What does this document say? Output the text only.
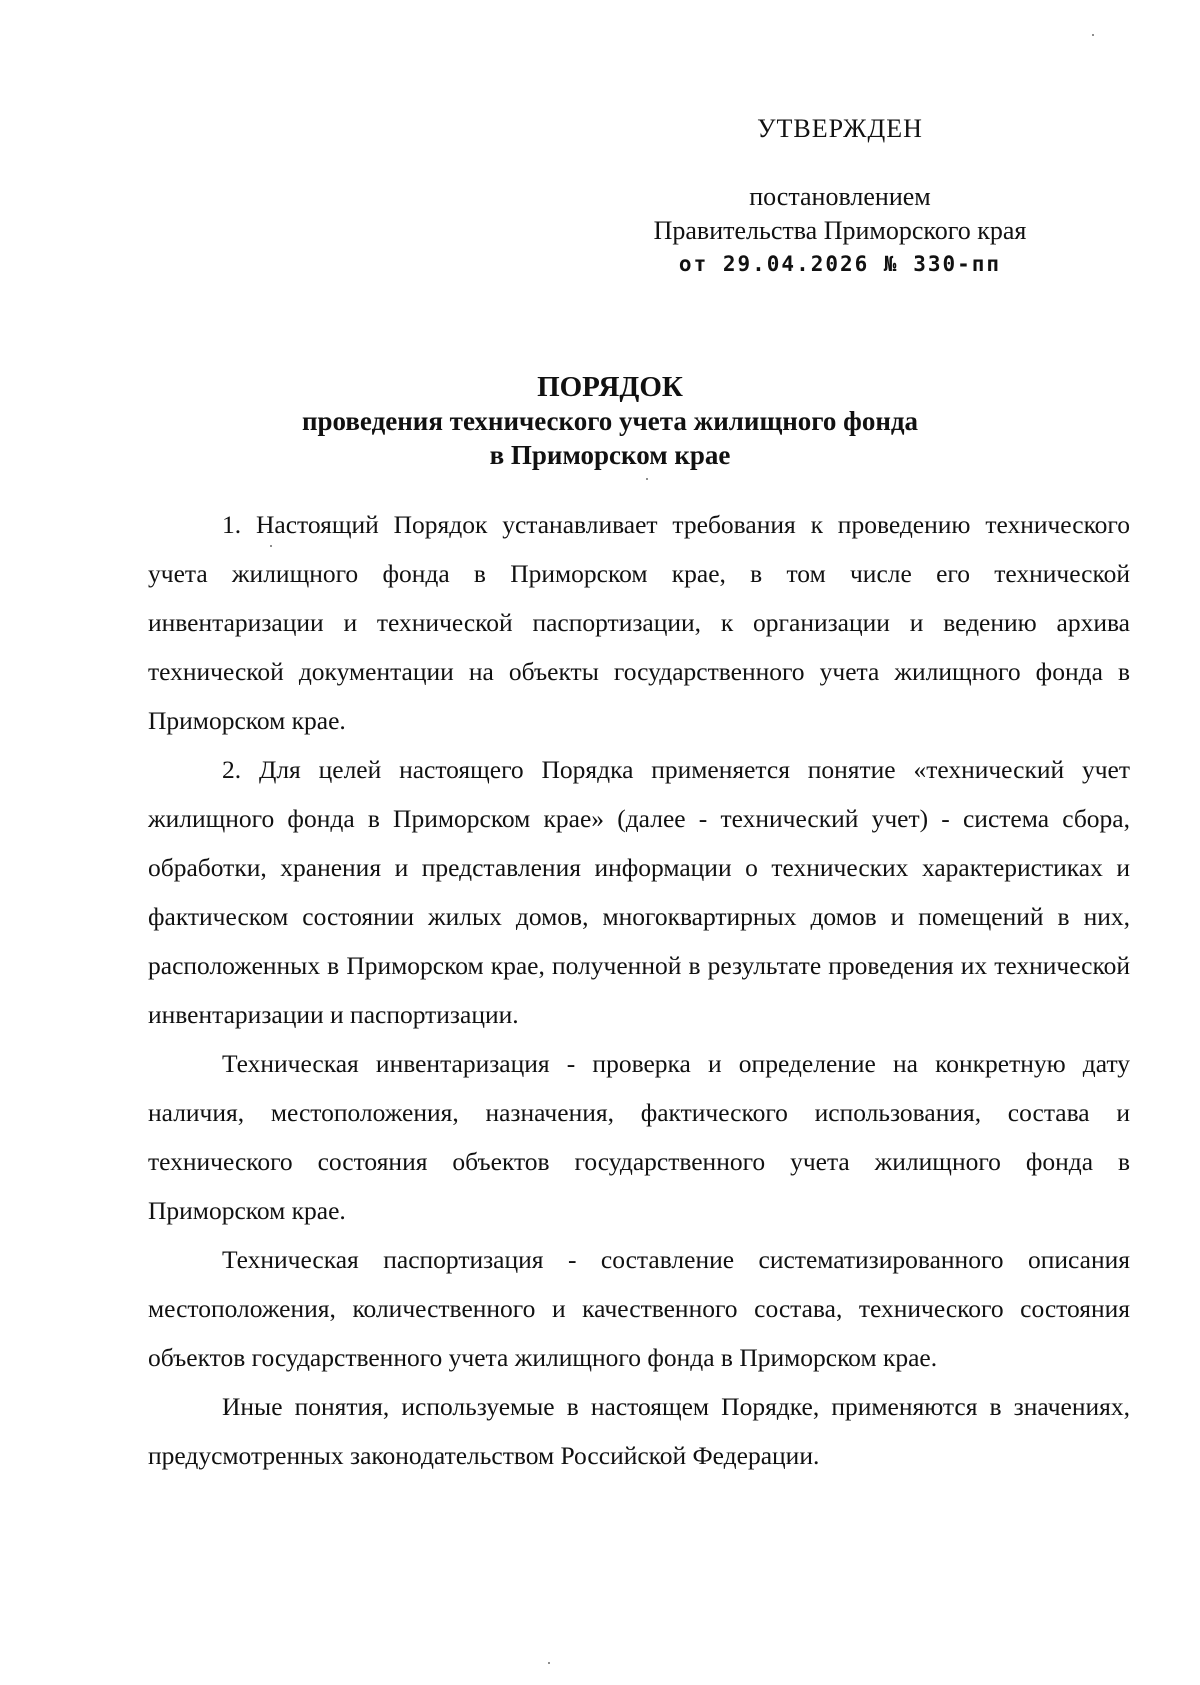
УТВЕРЖДЕН
постановлением
Правительства Приморского края
от 29.04.2026 № 330-пп
ПОРЯДОК
проведения технического учета жилищного фонда
в Приморском крае

1. Настоящий Порядок устанавливает требования к проведению технического учета жилищного фонда в Приморском крае, в том числе его технической инвентаризации и технической паспортизации, к организации и ведению архива технической документации на объекты государственного учета жилищного фонда в Приморском крае.

2. Для целей настоящего Порядка применяется понятие «технический учет жилищного фонда в Приморском крае» (далее - технический учет) - система сбора, обработки, хранения и представления информации о технических характеристиках и фактическом состоянии жилых домов, многоквартирных домов и помещений в них, расположенных в Приморском крае, полученной в результате проведения их технической инвентаризации и паспортизации.

Техническая инвентаризация - проверка и определение на конкретную дату наличия, местоположения, назначения, фактического использования, состава и технического состояния объектов государственного учета жилищного фонда в Приморском крае.

Техническая паспортизация - составление систематизированного описания местоположения, количественного и качественного состава, технического состояния объектов государственного учета жилищного фонда в Приморском крае.

Иные понятия, используемые в настоящем Порядке, применяются в значениях, предусмотренных законодательством Российской Федерации.
